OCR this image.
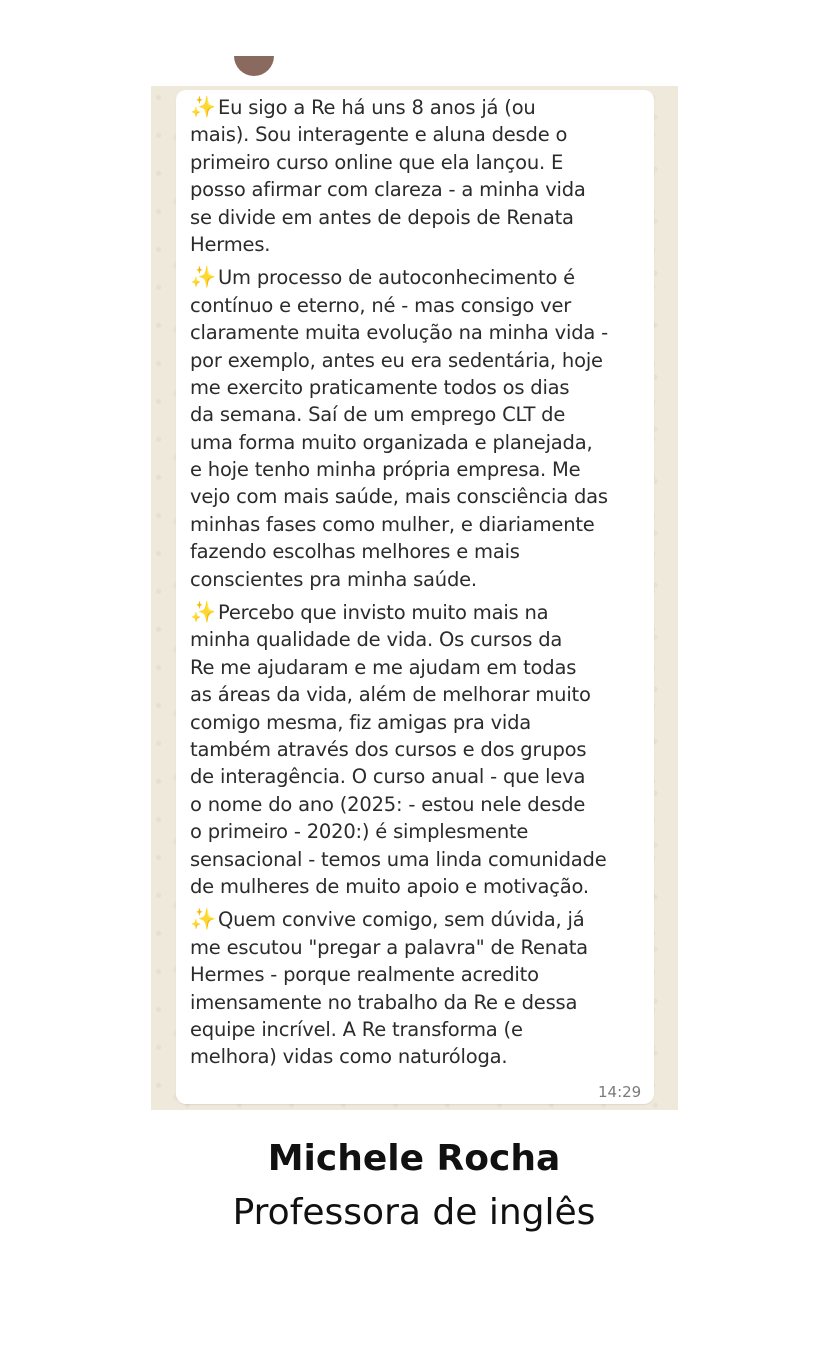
✨ Eu sigo a Re há uns 8 anos já (ou
mais). Sou interagente e aluna desde o
primeiro curso online que ela lançou. E
posso afirmar com clareza - a minha vida
se divide em antes de depois de Renata
Hermes.
✨ Um processo de autoconhecimento é
contínuo e eterno, né - mas consigo ver
claramente muita evolução na minha vida -
por exemplo, antes eu era sedentária, hoje
me exercito praticamente todos os dias
da semana. Saí de um emprego CLT de
uma forma muito organizada e planejada,
e hoje tenho minha própria empresa. Me
vejo com mais saúde, mais consciência das
minhas fases como mulher, e diariamente
fazendo escolhas melhores e mais
conscientes pra minha saúde.
✨ Percebo que invisto muito mais na
minha qualidade de vida. Os cursos da
Re me ajudaram e me ajudam em todas
as áreas da vida, além de melhorar muito
comigo mesma, fiz amigas pra vida
também através dos cursos e dos grupos
de interagência. O curso anual - que leva
o nome do ano (2025: - estou nele desde
o primeiro - 2020:) é simplesmente
sensacional - temos uma linda comunidade
de mulheres de muito apoio e motivação.
✨ Quem convive comigo, sem dúvida, já
me escutou "pregar a palavra" de Renata
Hermes - porque realmente acredito
imensamente no trabalho da Re e dessa
equipe incrível. A Re transforma (e
melhora) vidas como naturóloga.
14:29
Michele Rocha
Professora de inglês
